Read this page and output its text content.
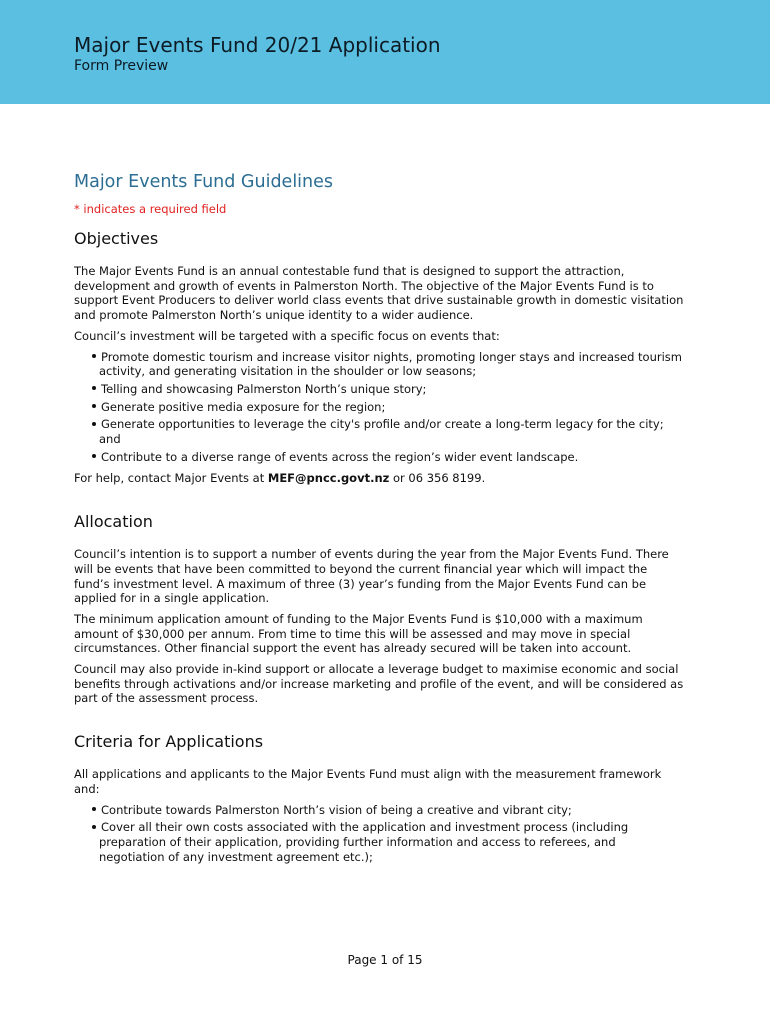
Major Events Fund 20/21 Application
Form Preview
Major Events Fund Guidelines
* indicates a required field
Objectives

The Major Events Fund is an annual contestable fund that is designed to support the attraction, development and growth of events in Palmerston North. The objective of the Major Events Fund is to support Event Producers to deliver world class events that drive sustainable growth in domestic visitation and promote Palmerston North’s unique identity to a wider audience.

Council’s investment will be targeted with a specific focus on events that:

Promote domestic tourism and increase visitor nights, promoting longer stays and increased tourism activity, and generating visitation in the shoulder or low seasons;
Telling and showcasing Palmerston North’s unique story;
Generate positive media exposure for the region;
Generate opportunities to leverage the city's profile and/or create a long-term legacy for the city; and
Contribute to a diverse range of events across the region’s wider event landscape.

For help, contact Major Events at MEF@pncc.govt.nz or 06 356 8199.

Allocation

Council’s intention is to support a number of events during the year from the Major Events Fund. There will be events that have been committed to beyond the current financial year which will impact the fund’s investment level. A maximum of three (3) year’s funding from the Major Events Fund can be applied for in a single application.

The minimum application amount of funding to the Major Events Fund is $10,000 with a maximum amount of $30,000 per annum. From time to time this will be assessed and may move in special circumstances. Other financial support the event has already secured will be taken into account.

Council may also provide in-kind support or allocate a leverage budget to maximise economic and social benefits through activations and/or increase marketing and profile of the event, and will be considered as part of the assessment process.

Criteria for Applications

All applications and applicants to the Major Events Fund must align with the measurement framework and:

Contribute towards Palmerston North’s vision of being a creative and vibrant city;
Cover all their own costs associated with the application and investment process (including preparation of their application, providing further information and access to referees, and negotiation of any investment agreement etc.);
Page 1 of 15
